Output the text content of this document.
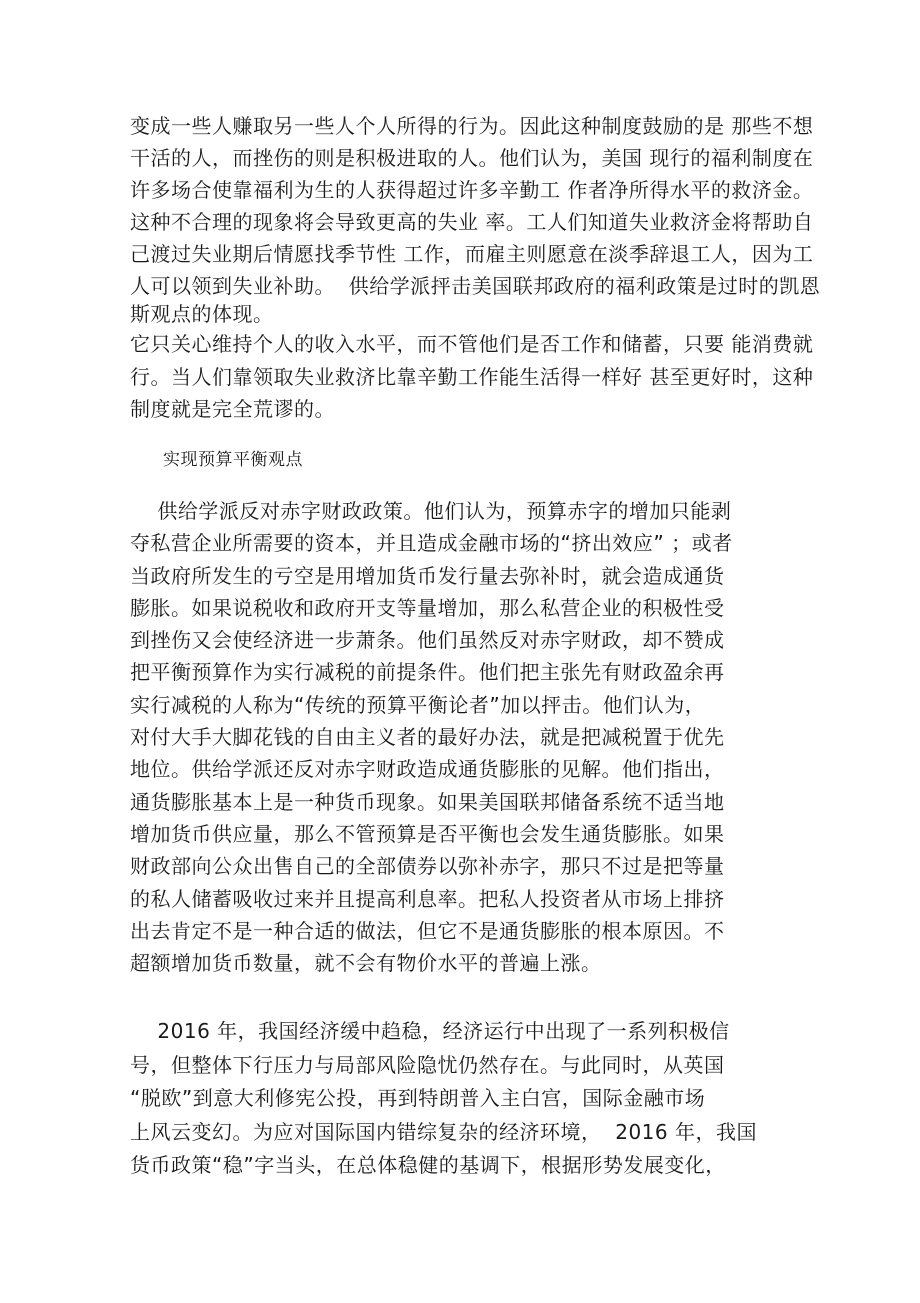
变成一些人赚取另一些人个人所得的行为。因此这种制度鼓励的是 那些不想
干活的人，而挫伤的则是积极进取的人。他们认为，美国 现行的福利制度在
许多场合使靠福利为生的人获得超过许多辛勤工 作者净所得水平的救济金。
这种不合理的现象将会导致更高的失业 率。工人们知道失业救济金将帮助自
己渡过失业期后情愿找季节性 工作，而雇主则愿意在淡季辞退工人，因为工
人可以领到失业补助。  供给学派抨击美国联邦政府的福利政策是过时的凯恩
斯观点的体现。
它只关心维持个人的收入水平，而不管他们是否工作和储蓄，只要 能消费就
行。当人们靠领取失业救济比靠辛勤工作能生活得一样好 甚至更好时，这种
制度就是完全荒谬的。
实现预算平衡观点
供给学派反对赤字财政政策。他们认为，预算赤字的增加只能剥
夺私营企业所需要的资本，并且造成金融市场的“挤出效应” ；或者
当政府所发生的亏空是用增加货币发行量去弥补时，就会造成通货
膨胀。如果说税收和政府开支等量增加，那么私营企业的积极性受
到挫伤又会使经济进一步萧条。他们虽然反对赤字财政，却不赞成
把平衡预算作为实行减税的前提条件。他们把主张先有财政盈余再
实行减税的人称为“传统的预算平衡论者”加以抨击。他们认为，
对付大手大脚花钱的自由主义者的最好办法，就是把减税置于优先
地位。供给学派还反对赤字财政造成通货膨胀的见解。他们指出，
通货膨胀基本上是一种货币现象。如果美国联邦储备系统不适当地
增加货币供应量，那么不管预算是否平衡也会发生通货膨胀。如果
财政部向公众出售自己的全部债券以弥补赤字，那只不过是把等量
的私人储蓄吸收过来并且提高利息率。把私人投资者从市场上排挤
出去肯定不是一种合适的做法，但它不是通货膨胀的根本原因。不
超额增加货币数量，就不会有物价水平的普遍上涨。
2016 年，我国经济缓中趋稳，经济运行中出现了一系列积极信
号，但整体下行压力与局部风险隐忧仍然存在。与此同时，从英国
“脱欧”到意大利修宪公投，再到特朗普入主白宫，国际金融市场
上风云变幻。为应对国际国内错综复杂的经济环境，  2016 年，我国
货币政策“稳”字当头，在总体稳健的基调下，根据形势发展变化，
